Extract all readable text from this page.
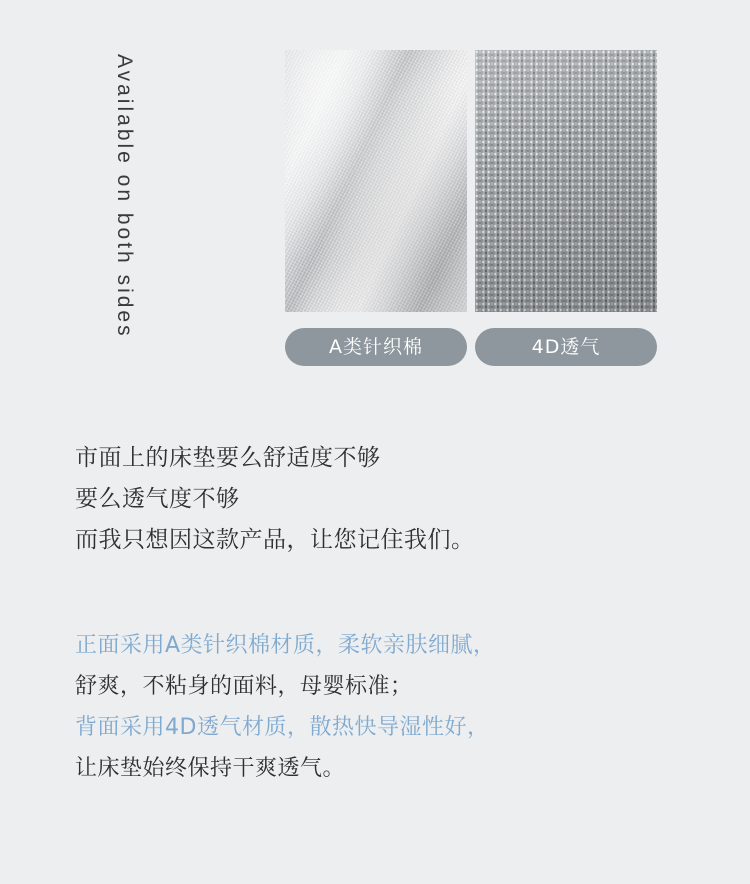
Available on both sides
A类针织棉	4D透气
市面上的床垫要么舒适度不够
要么透气度不够
而我只想因这款产品，让您记住我们。
正面采用A类针织棉材质，柔软亲肤细腻，
舒爽，不粘身的面料，母婴标准；
背面采用4D透气材质，散热快导湿性好，
让床垫始终保持干爽透气。
